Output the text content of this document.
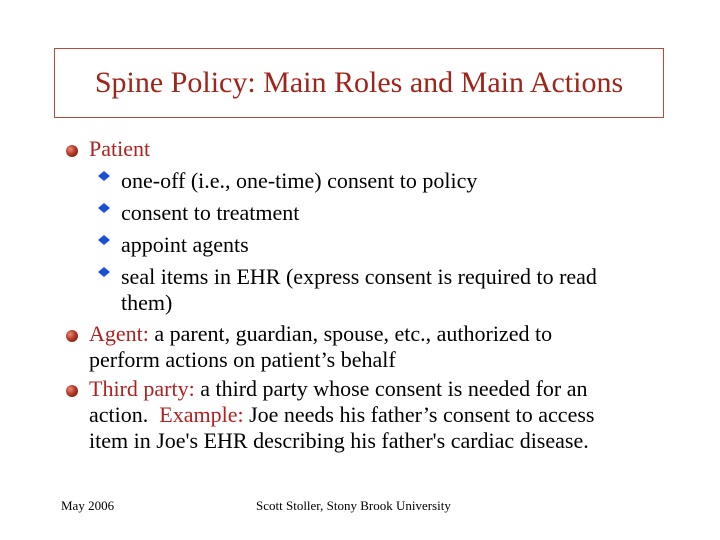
Spine Policy: Main Roles and Main Actions
Patient
one-off (i.e., one-time) consent to policy
consent to treatment
appoint agents
seal items in EHR (express consent is required to read
them)
Agent: a parent, guardian, spouse, etc., authorized to
perform actions on patient’s behalf
Third party: a third party whose consent is needed for an
action.  Example: Joe needs his father’s consent to access
item in Joe's EHR describing his father's cardiac disease.
May 2006	Scott Stoller, Stony Brook University
